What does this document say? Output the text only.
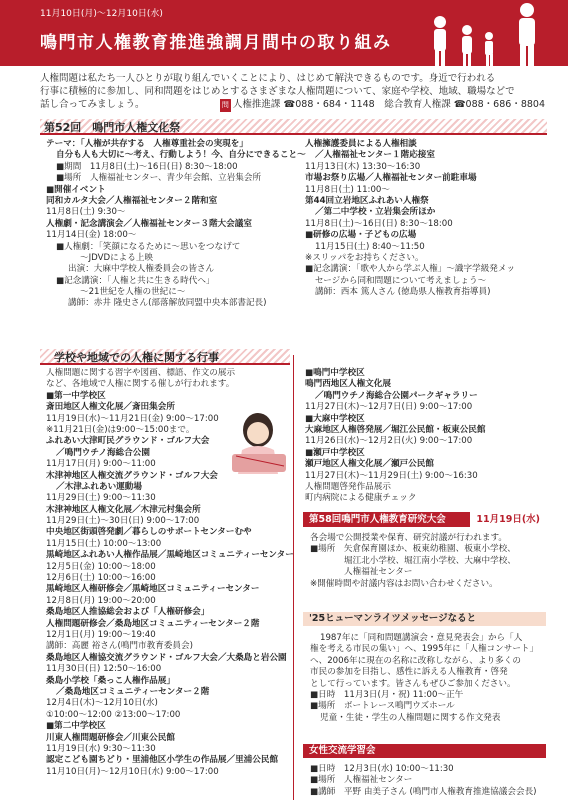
11月10日(月)～12月10日(水)
鳴門市人権教育推進強調月間中の取り組み
人権問題は私たち一人ひとりが取り組んでいくことにより、はじめて解決できるものです。身近で行われる
行事に積極的に参加し、同和問題をはじめとするさまざまな人権問題について、家庭や学校、地域、職場などで
話し合ってみましょう。	問 人権推進課 ☎088・684・1148　総合教育人権課 ☎088・686・8804
第52回　鳴門市人権文化祭
テーマ：「人権が共存する　人権尊重社会の実現を」
自分も人も大切に～考え、行動しよう！今、自分にできること～
■期間　11月8日(土)～16日(日) 8:30～18:00
■場所　人権福祉センター、青少年会館、立岩集会所
■開催イベント
同和カルタ大会／人権福祉センター２階和室
11月8日(土) 9:30～
人権劇・記念講演会／人権福祉センター３階大会議室
11月14日(金) 18:00～
■人権劇：「笑顔になるために～思いをつなげて
～JDVDによる上映
出演：大麻中学校人権委員会の皆さん
■記念講演：「人権と共に生きる時代へ」
～21世紀を人権の世紀に～
講師：赤井 隆史さん(部落解放同盟中央本部書記長)
人権擁護委員による人権相談
／人権福祉センター１階応接室
11月13日(木) 13:30～16:30
市場お祭り広場／人権福祉センター前駐車場
11月8日(土) 11:00～
第44回立岩地区ふれあい人権祭
／第二中学校・立岩集会所ほか
11月8日(土)～16日(日) 8:30～18:00
■研修の広場・子どもの広場
11月15日(土) 8:40～11:50
※スリッパをお持ちください。
■記念講演：「歌や人から学ぶ人権」～識字学級発メッ
セージから同和問題について考えましょう～
講師：西本 篤人さん (徳島県人権教育指導員)
学校や地域での人権に関する行事
人権問題に関する習字や図画、標語、作文の展示
など、各地域で人権に関する催しが行われます。
■第一中学校区
斎田地区人権文化展／斎田集会所
11月19日(水)～11月21日(金) 9:00～17:00
※11月21日(金)は9:00～15:00まで。
ふれあい大津町民グラウンド・ゴルフ大会
／鳴門ウチノ海総合公園
11月17日(月) 9:00～11:00
木津神地区人権交流グラウンド・ゴルフ大会
／木津ふれあい運動場
11月29日(土) 9:00～11:30
木津神地区人権文化展／木津元村集会所
11月29日(土)～30日(日) 9:00～17:00
中央地区街頭啓発劇／暮らしのサポートセンターむや
11月15日(土) 10:00～13:00
黒崎地区ふれあい人権作品展／黒崎地区コミュニティーセンター
12月5日(金) 10:00～18:00
12月6日(土) 10:00～16:00
黒崎地区人権研修会／黒崎地区コミュニティーセンター
12月8日(月) 19:00～20:00
桑島地区人推協総会および「人権研修会」
人権問題研修会／桑島地区コミュニティーセンター２階
12月1日(月) 19:00～19:40
講師：高麗 裕さん(鳴門市教育委員会)
桑島地区人権協交流グラウンド・ゴルフ大会／大桑島と岩公園
11月30日(日) 12:50～16:00
桑島小学校「桑っこ人権作品展」
／桑島地区コミュニティーセンター２階
12月4日(木)～12月10日(水)
①10:00～12:00 ②13:00～17:00
■第二中学校区
川東人権問題研修会／川東公民館
11月19日(水) 9:30～11:30
認定こども園ちどり・里浦他区小学生の作品展／里浦公民館
11月10日(月)～12月10日(水) 9:00～17:00
■鳴門中学校区
鳴門西地区人権文化展
／鳴門ウチノ海総合公園パークギャラリー
11月27日(木)～12月7日(日) 9:00～17:00
■大麻中学校区
大麻地区人権啓発展／堀江公民館・板東公民館
11月26日(水)～12月2日(火) 9:00～17:00
■瀬戸中学校区
瀬戸地区人権文化展／瀬戸公民館
11月27日(木)～11月29日(土) 9:00～16:30
人権問題啓発作品展示
町内病院による健康チェック
第58回鳴門市人権教育研究大会	11月19日(水)
各会場で公開授業や保育、研究討議が行われます。
■場所　矢倉保育園ほか、板東幼稚園、板東小学校、
堀江北小学校、堀江南小学校、大麻中学校、
人権福祉センター
※開催時間や討議内容はお問い合わせください。
'25ヒューマンライツメッセージなると
1987年に「同和問題講演会・意見発表会」から「人
権を考える市民の集い」へ、1995年に「人権コンサート」
へ、2006年に現在の名称に改称しながら、より多くの
市民の参加を目指し、感性に訴える人権教育・啓発
として行っています。皆さんもぜひご参加ください。
■日時　11月3日(月・祝) 11:00～正午
■場所　ボートレース鳴門ウズホール
児童・生徒・学生の人権問題に関する作文発表
女性交流学習会
■日時　12月3日(水) 10:00～11:30
■場所　人権福祉センター
■講師　平野 由美子さん (鳴門市人権教育推進協議会会長)
